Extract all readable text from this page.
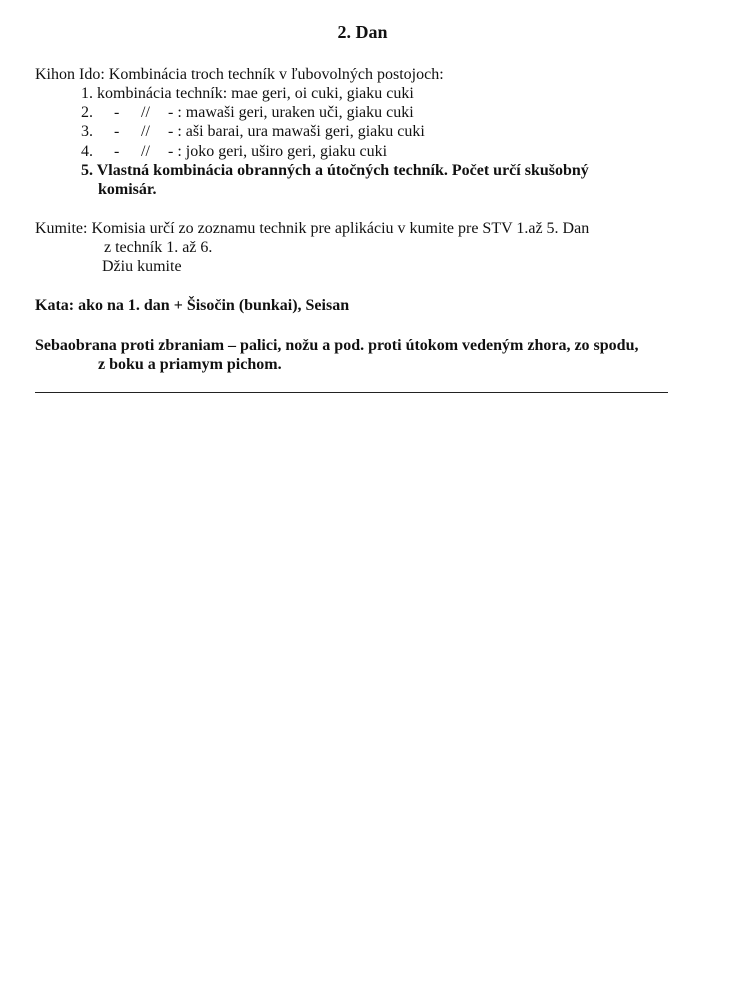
2. Dan
Kihon Ido: Kombinácia troch techník v ľubovolných postojoch:
1. kombinácia techník: mae geri, oi cuki, giaku cuki
2. - // - : mawaši geri, uraken uči, giaku cuki
3. - // - : aši barai, ura mawaši geri, giaku cuki
4. - // - : joko geri, uširo geri, giaku cuki
5. Vlastná kombinácia obranných a útočných techník. Počet určí skušobný
komisár.
Kumite: Komisia určí zo zoznamu technik pre aplikáciu v kumite pre STV 1.až 5. Dan
z techník 1. až 6.
Džiu kumite
Kata: ako na 1. dan + Šisočin (bunkai), Seisan
Sebaobrana proti zbraniam – palici, nožu a pod. proti útokom vedeným zhora, zo spodu,
z boku a priamym pichom.
